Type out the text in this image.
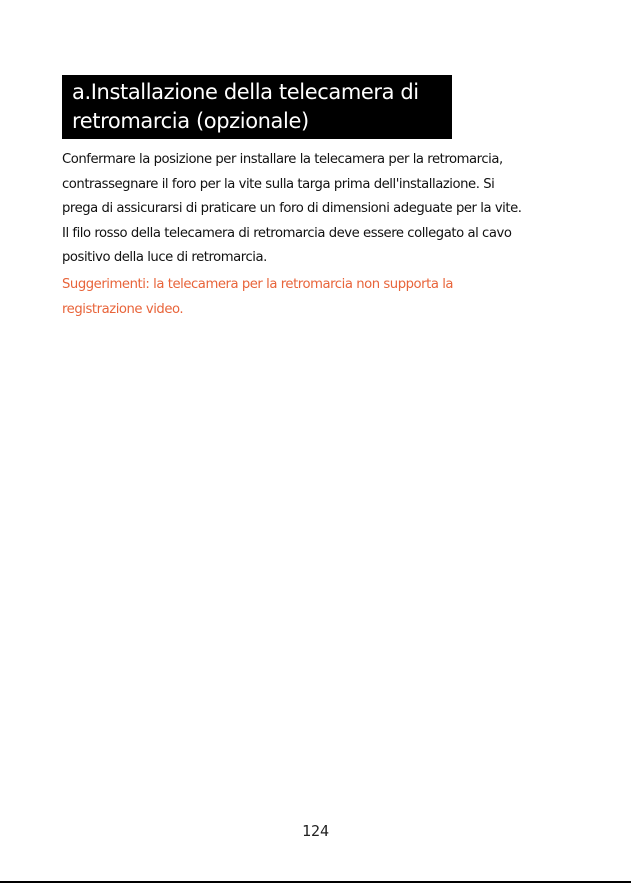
a.Installazione della telecamera di
retromarcia (opzionale)
Confermare la posizione per installare la telecamera per la retromarcia,
contrassegnare il foro per la vite sulla targa prima dell'installazione. Si
prega di assicurarsi di praticare un foro di dimensioni adeguate per la vite.
Il filo rosso della telecamera di retromarcia deve essere collegato al cavo
positivo della luce di retromarcia.
Suggerimenti: la telecamera per la retromarcia non supporta la
registrazione video.
124
